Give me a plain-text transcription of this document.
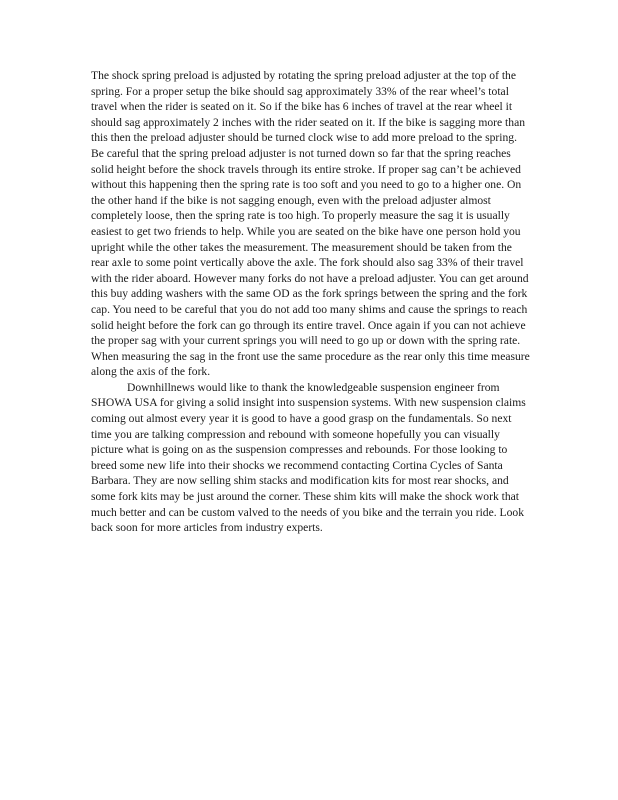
The shock spring preload is adjusted by rotating the spring preload adjuster at the top of the spring. For a proper setup the bike should sag approximately 33% of the rear wheel’s total travel when the rider is seated on it. So if the bike has 6 inches of travel at the rear wheel it should sag approximately 2 inches with the rider seated on it. If the bike is sagging more than this then the preload adjuster should be turned clock wise to add more preload to the spring. Be careful that the spring preload adjuster is not turned down so far that the spring reaches solid height before the shock travels through its entire stroke. If proper sag can’t be achieved without this happening then the spring rate is too soft and you need to go to a higher one. On the other hand if the bike is not sagging enough, even with the preload adjuster almost completely loose, then the spring rate is too high. To properly measure the sag it is usually easiest to get two friends to help. While you are seated on the bike have one person hold you upright while the other takes the measurement. The measurement should be taken from the rear axle to some point vertically above the axle. The fork should also sag 33% of their travel with the rider aboard. However many forks do not have a preload adjuster. You can get around this buy adding washers with the same OD as the fork springs between the spring and the fork cap. You need to be careful that you do not add too many shims and cause the springs to reach solid height before the fork can go through its entire travel. Once again if you can not achieve the proper sag with your current springs you will need to go up or down with the spring rate. When measuring the sag in the front use the same procedure as the rear only this time measure along the axis of the fork.

Downhillnews would like to thank the knowledgeable suspension engineer from SHOWA USA for giving a solid insight into suspension systems. With new suspension claims coming out almost every year it is good to have a good grasp on the fundamentals. So next time you are talking compression and rebound with someone hopefully you can visually picture what is going on as the suspension compresses and rebounds. For those looking to breed some new life into their shocks we recommend contacting Cortina Cycles of Santa Barbara. They are now selling shim stacks and modification kits for most rear shocks, and some fork kits may be just around the corner. These shim kits will make the shock work that much better and can be custom valved to the needs of you bike and the terrain you ride. Look back soon for more articles from industry experts.
